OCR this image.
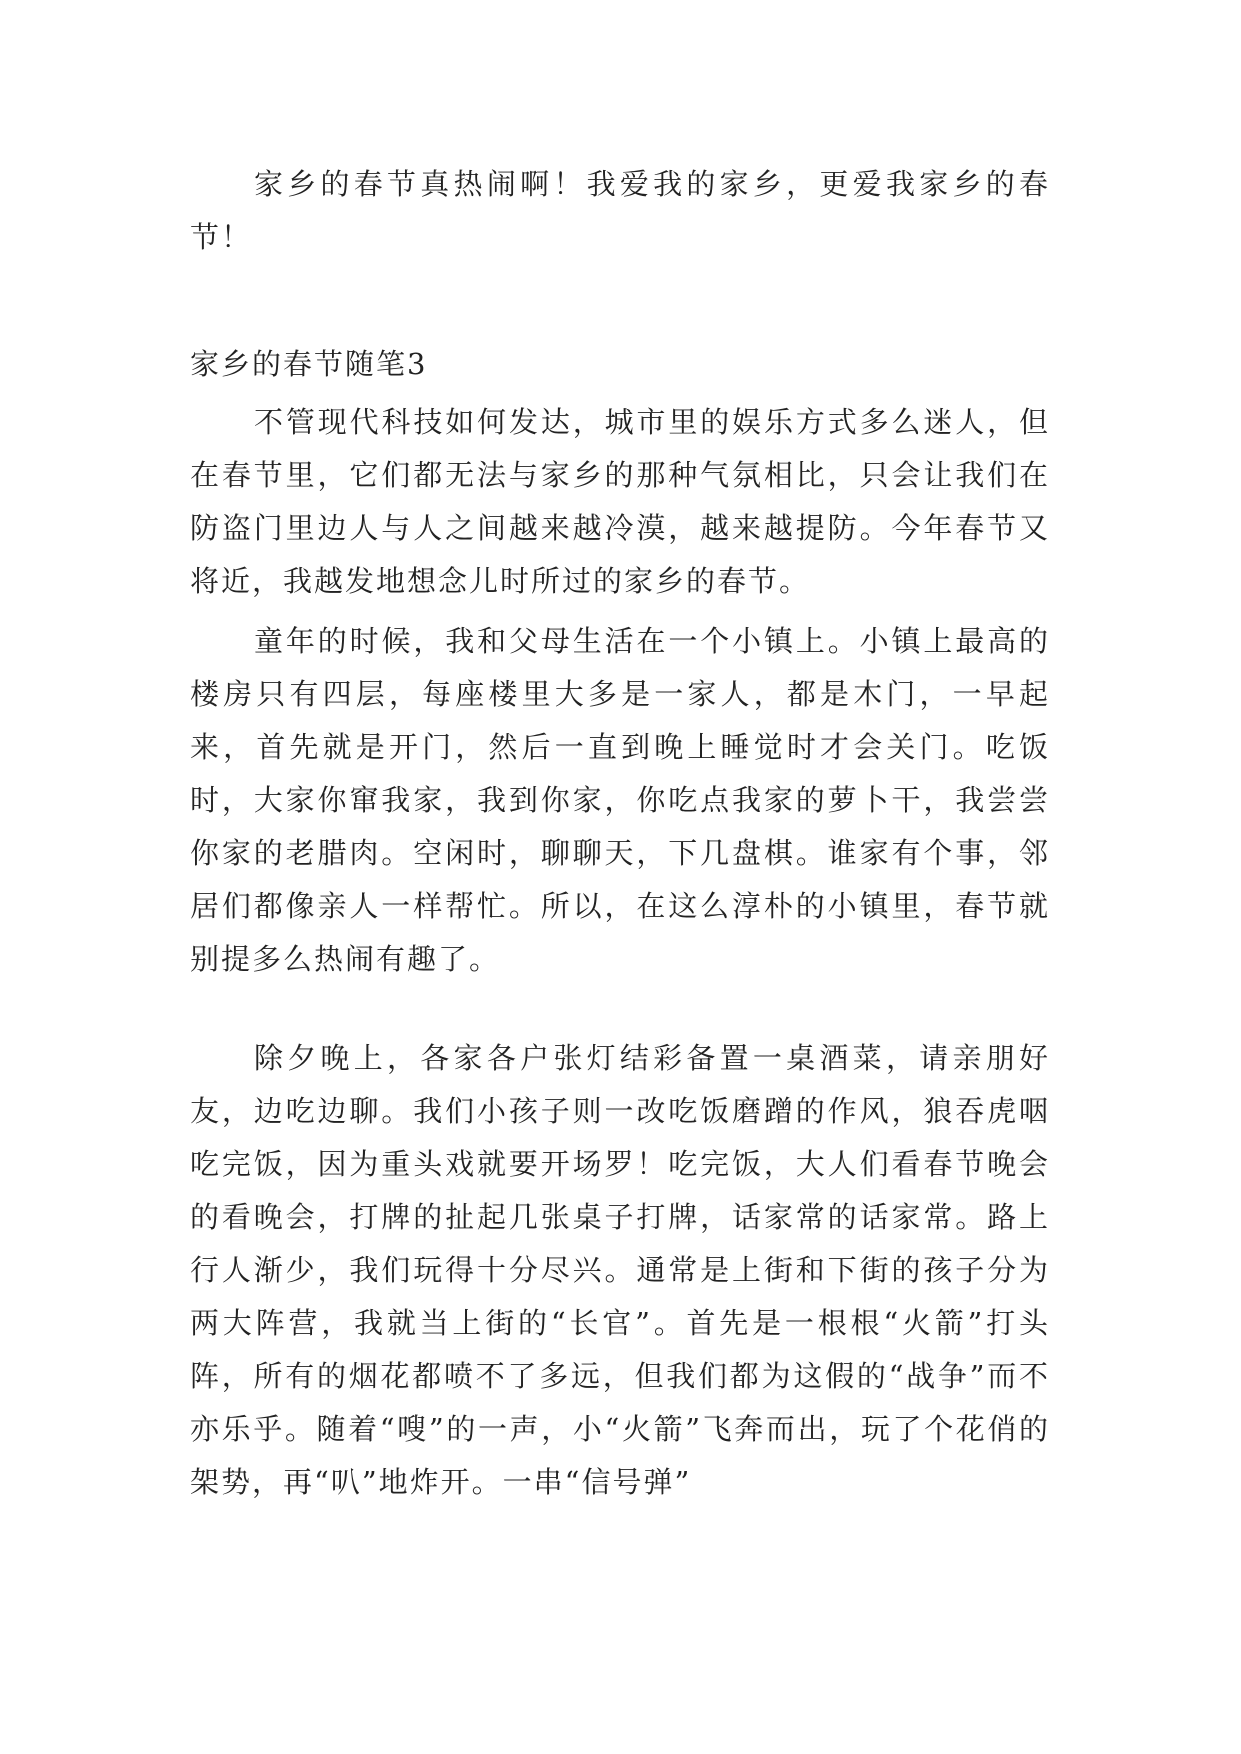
家乡的春节真热闹啊！我爱我的家乡，更爱我家乡的春节！

家乡的春节随笔3

不管现代科技如何发达，城市里的娱乐方式多么迷人，但在春节里，它们都无法与家乡的那种气氛相比，只会让我们在防盗门里边人与人之间越来越冷漠，越来越提防。今年春节又将近，我越发地想念儿时所过的家乡的春节。

童年的时候，我和父母生活在一个小镇上。小镇上最高的楼房只有四层，每座楼里大多是一家人，都是木门，一早起来，首先就是开门，然后一直到晚上睡觉时才会关门。吃饭时，大家你窜我家，我到你家，你吃点我家的萝卜干，我尝尝你家的老腊肉。空闲时，聊聊天，下几盘棋。谁家有个事，邻居们都像亲人一样帮忙。所以，在这么淳朴的小镇里，春节就别提多么热闹有趣了。

除夕晚上，各家各户张灯结彩备置一桌酒菜，请亲朋好友，边吃边聊。我们小孩子则一改吃饭磨蹭的作风，狼吞虎咽吃完饭，因为重头戏就要开场罗！吃完饭，大人们看春节晚会的看晚会，打牌的扯起几张桌子打牌，话家常的话家常。路上行人渐少，我们玩得十分尽兴。通常是上街和下街的孩子分为两大阵营，我就当上街的“长官”。首先是一根根“火箭”打头阵，所有的烟花都喷不了多远，但我们都为这假的“战争”而不亦乐乎。随着“嗖”的一声，小“火箭”飞奔而出，玩了个花俏的架势，再“叭”地炸开。一串“信号弹”
